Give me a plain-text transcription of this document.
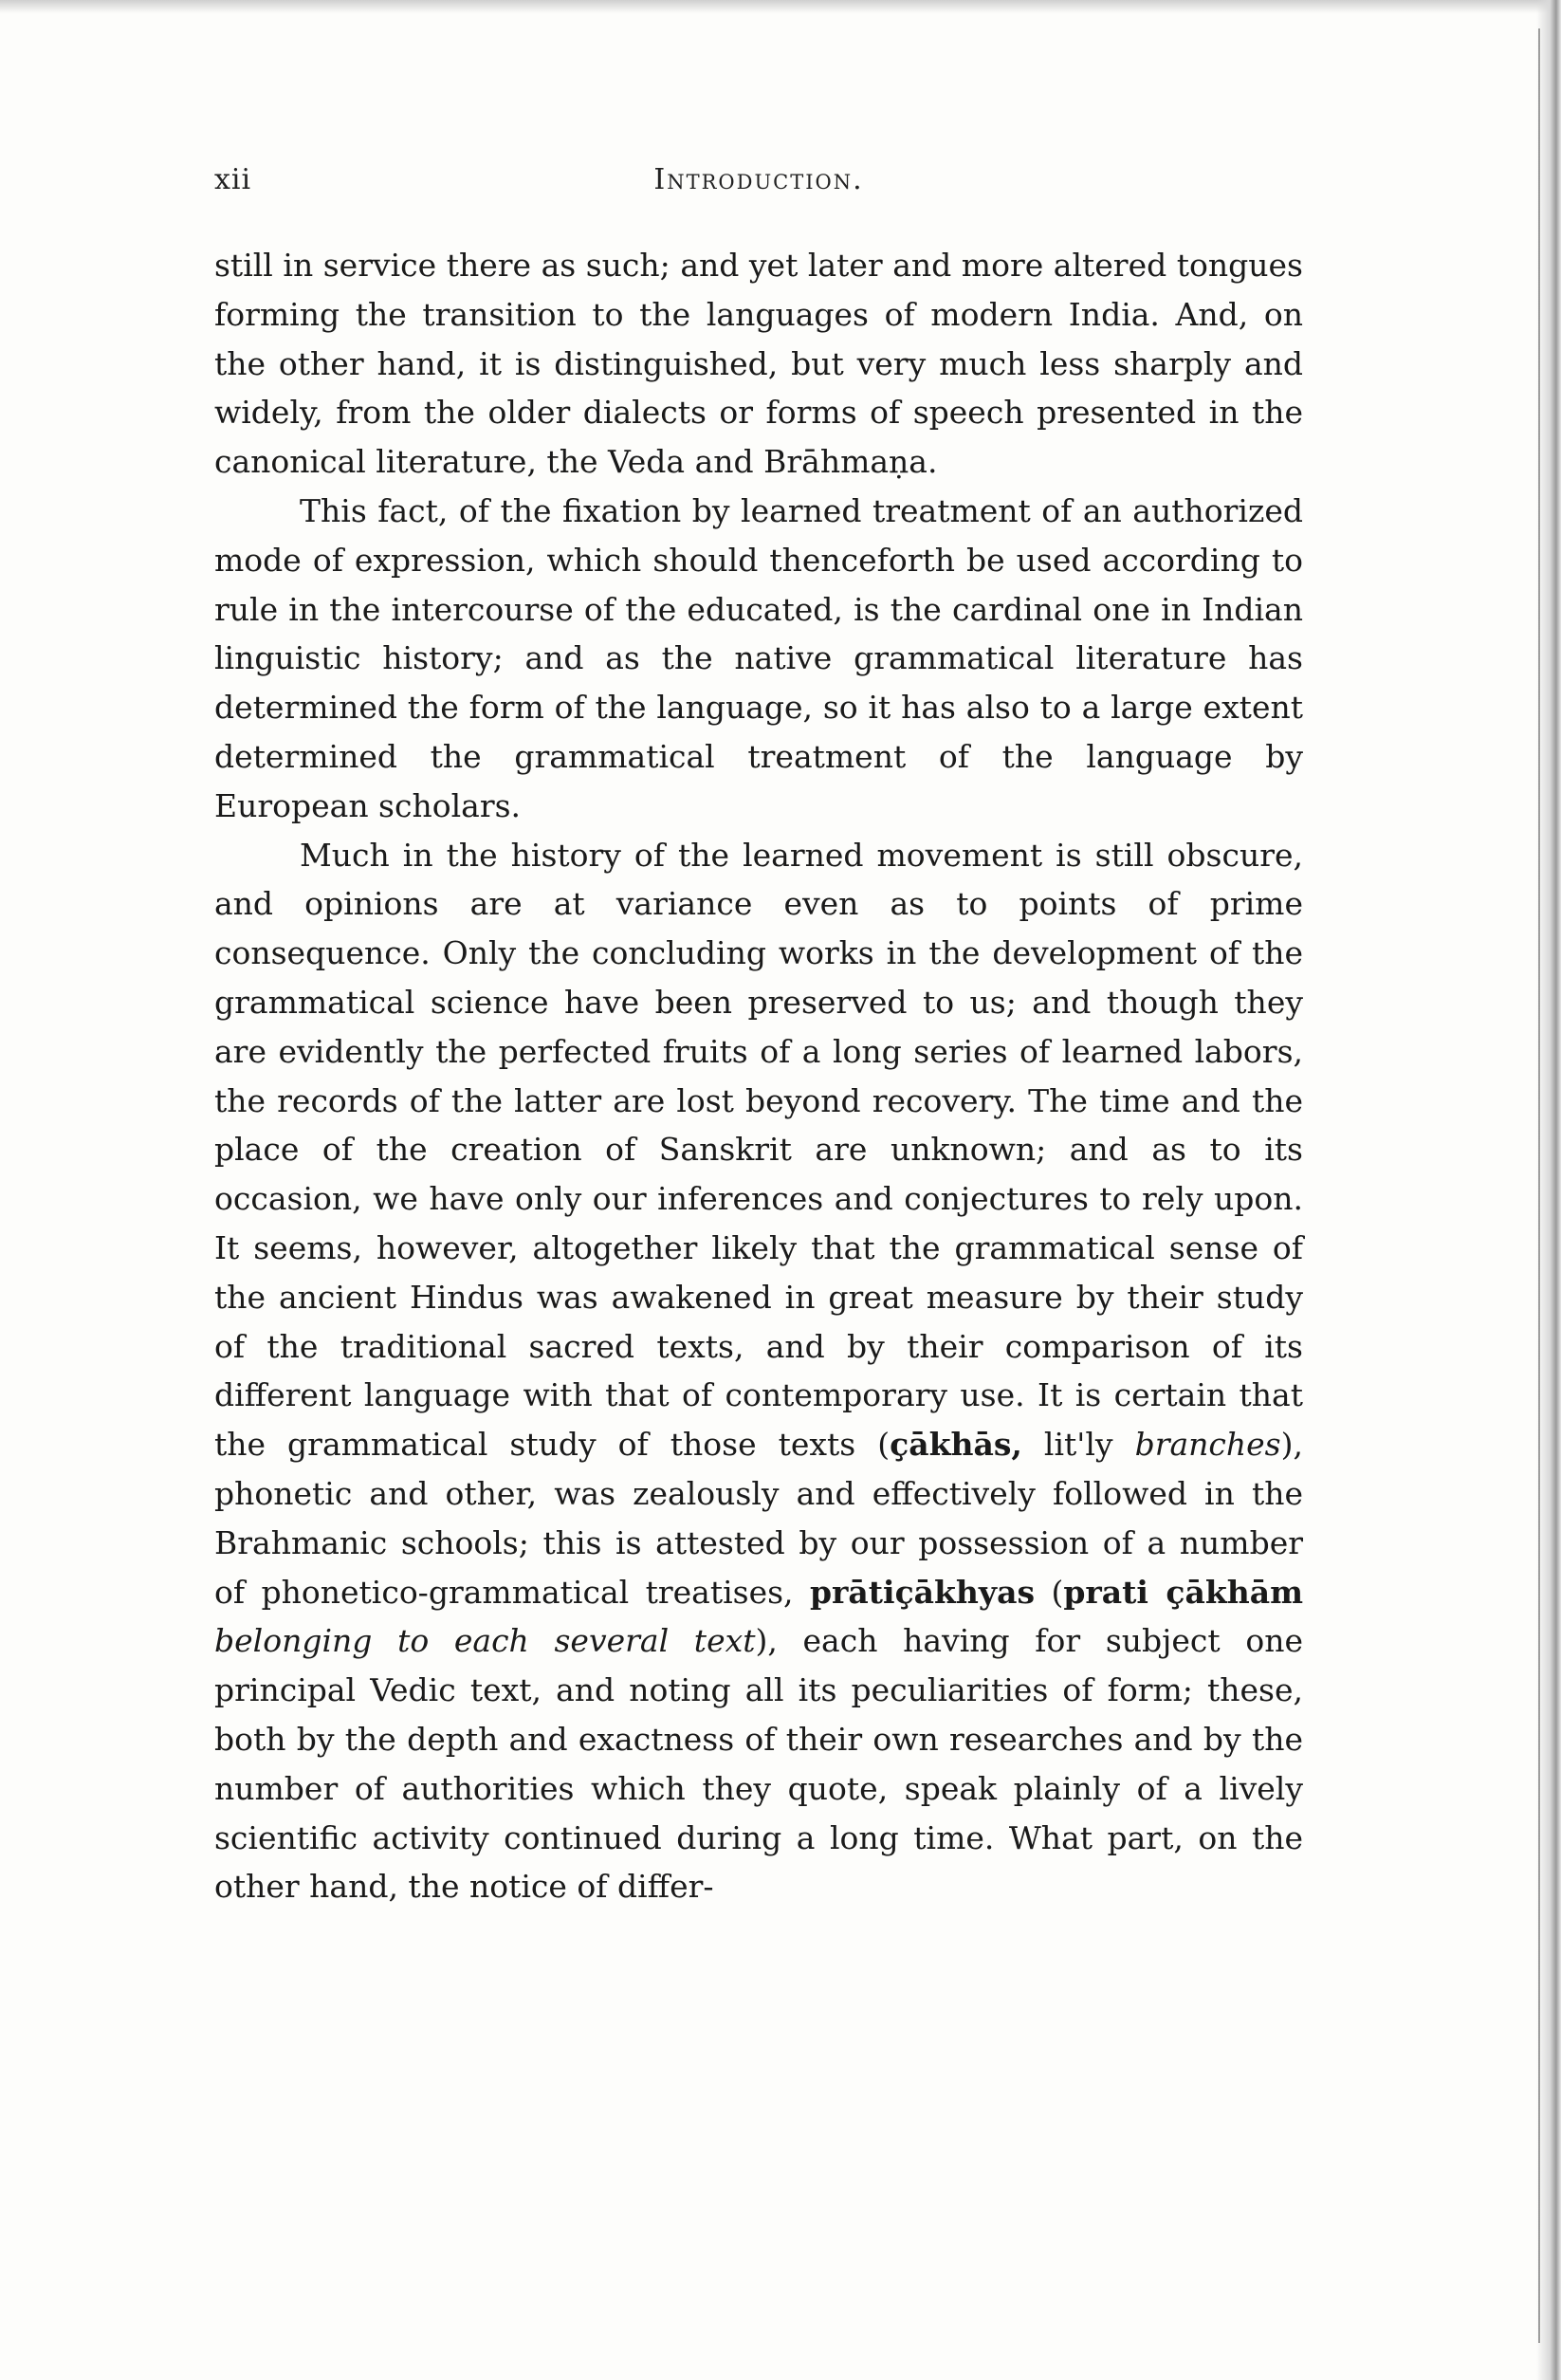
xii	Introduction.

still in service there as such; and yet later and more altered tongues forming the transition to the languages of modern India. And, on the other hand, it is distinguished, but very much less sharply and widely, from the older dialects or forms of speech presented in the canonical literature, the Veda and Brāhmaṇa.

This fact, of the fixation by learned treatment of an authorized mode of expression, which should thenceforth be used according to rule in the intercourse of the educated, is the cardinal one in Indian linguistic history; and as the native grammatical literature has determined the form of the language, so it has also to a large extent determined the grammatical treatment of the language by European scholars.

Much in the history of the learned movement is still obscure, and opinions are at variance even as to points of prime consequence. Only the concluding works in the development of the grammatical science have been preserved to us; and though they are evidently the perfected fruits of a long series of learned labors, the records of the latter are lost beyond recovery. The time and the place of the creation of Sanskrit are unknown; and as to its occasion, we have only our inferences and conjectures to rely upon. It seems, however, altogether likely that the grammatical sense of the ancient Hindus was awakened in great measure by their study of the traditional sacred texts, and by their comparison of its different language with that of contemporary use. It is certain that the grammatical study of those texts (çākhās, lit'ly branches), phonetic and other, was zealously and effectively followed in the Brahmanic schools; this is attested by our possession of a number of phonetico-grammatical treatises, prātiçākhyas (prati çākhām belonging to each several text), each having for subject one principal Vedic text, and noting all its peculiarities of form; these, both by the depth and exactness of their own researches and by the number of authorities which they quote, speak plainly of a lively scientific activity continued during a long time. What part, on the other hand, the notice of differ-
